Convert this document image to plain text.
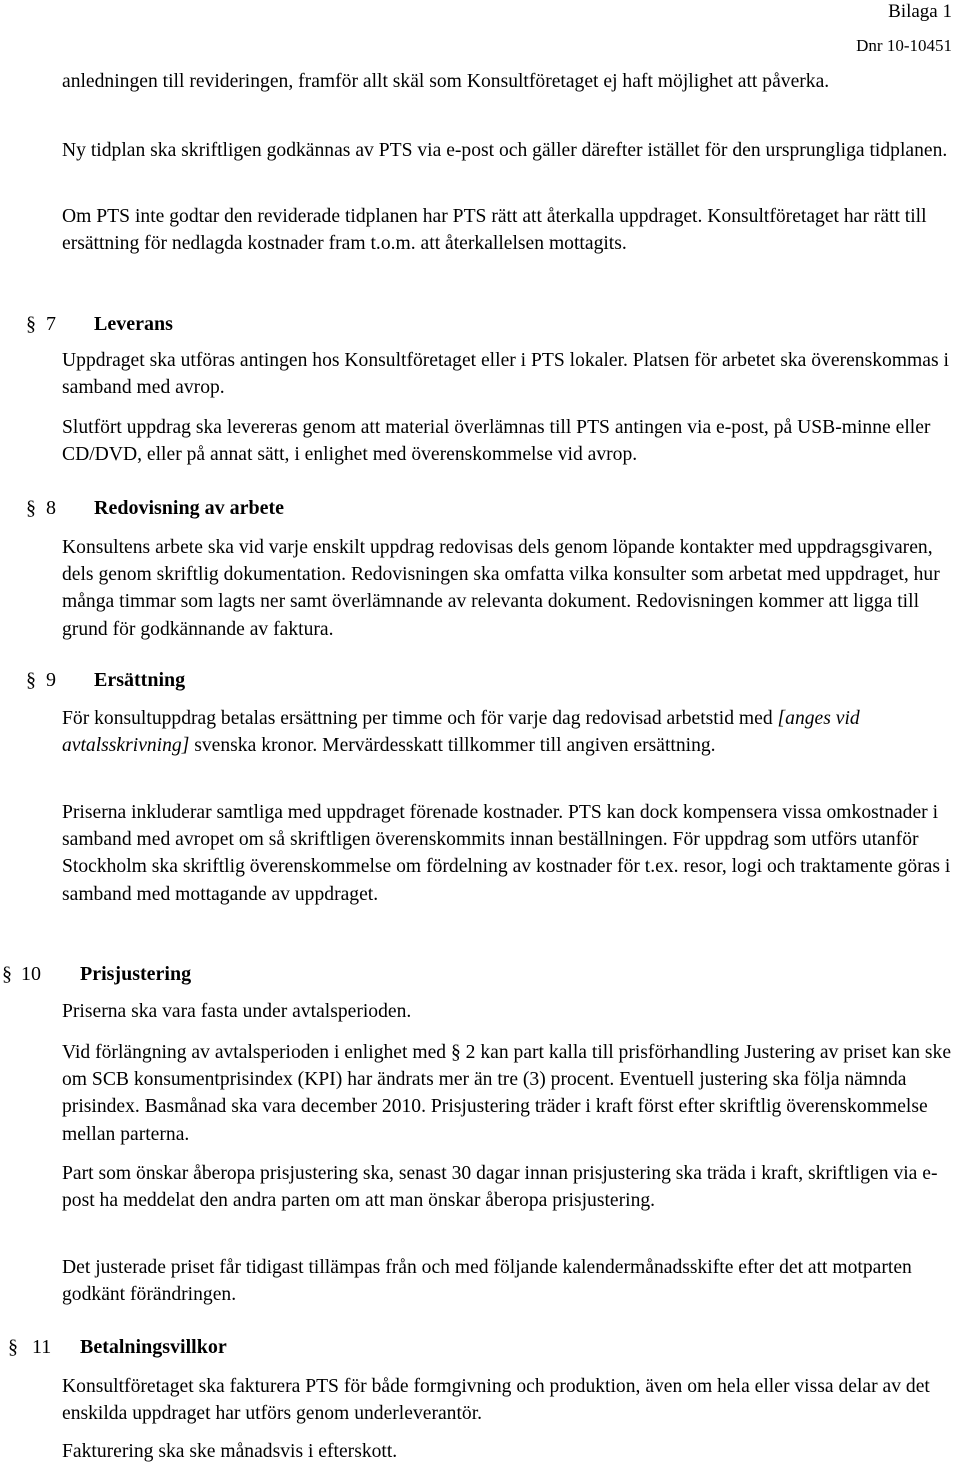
Bilaga 1
Dnr 10-10451

anledningen till revideringen, framför allt skäl som Konsultföretaget ej haft möjlighet att påverka.

Ny tidplan ska skriftligen godkännas av PTS via e-post och gäller därefter istället för den ursprungliga tidplanen.

Om PTS inte godtar den reviderade tidplanen har PTS rätt att återkalla uppdraget. Konsultföretaget har rätt till ersättning för nedlagda kostnader fram t.o.m. att återkallelsen mottagits.

§ 7 Leverans

Uppdraget ska utföras antingen hos Konsultföretaget eller i PTS lokaler. Platsen för arbetet ska överenskommas i samband med avrop.

Slutfört uppdrag ska levereras genom att material överlämnas till PTS antingen via e-post, på USB-minne eller CD/DVD, eller på annat sätt, i enlighet med överenskommelse vid avrop.

§ 8 Redovisning av arbete

Konsultens arbete ska vid varje enskilt uppdrag redovisas dels genom löpande kontakter med uppdragsgivaren, dels genom skriftlig dokumentation. Redovisningen ska omfatta vilka konsulter som arbetat med uppdraget, hur många timmar som lagts ner samt överlämnande av relevanta dokument. Redovisningen kommer att ligga till grund för godkännande av faktura.

§ 9 Ersättning

För konsultuppdrag betalas ersättning per timme och för varje dag redovisad arbetstid med [anges vid avtalsskrivning] svenska kronor. Mervärdesskatt tillkommer till angiven ersättning.

Priserna inkluderar samtliga med uppdraget förenade kostnader. PTS kan dock kompensera vissa omkostnader i samband med avropet om så skriftligen överenskommits innan beställningen. För uppdrag som utförs utanför Stockholm ska skriftlig överenskommelse om fördelning av kostnader för t.ex. resor, logi och traktamente göras i samband med mottagande av uppdraget.

§ 10 Prisjustering

Priserna ska vara fasta under avtalsperioden.

Vid förlängning av avtalsperioden i enlighet med § 2 kan part kalla till prisförhandling Justering av priset kan ske om SCB konsumentprisindex (KPI) har ändrats mer än tre (3) procent. Eventuell justering ska följa nämnda prisindex. Basmånad ska vara december 2010. Prisjustering träder i kraft först efter skriftlig överenskommelse mellan parterna.

Part som önskar åberopa prisjustering ska, senast 30 dagar innan prisjustering ska träda i kraft, skriftligen via e-post ha meddelat den andra parten om att man önskar åberopa prisjustering.

Det justerade priset får tidigast tillämpas från och med följande kalendermånadsskifte efter det att motparten godkänt förändringen.

§ 11 Betalningsvillkor

Konsultföretaget ska fakturera PTS för både formgivning och produktion, även om hela eller vissa delar av det enskilda uppdraget har utförs genom underleverantör.

Fakturering ska ske månadsvis i efterskott.
